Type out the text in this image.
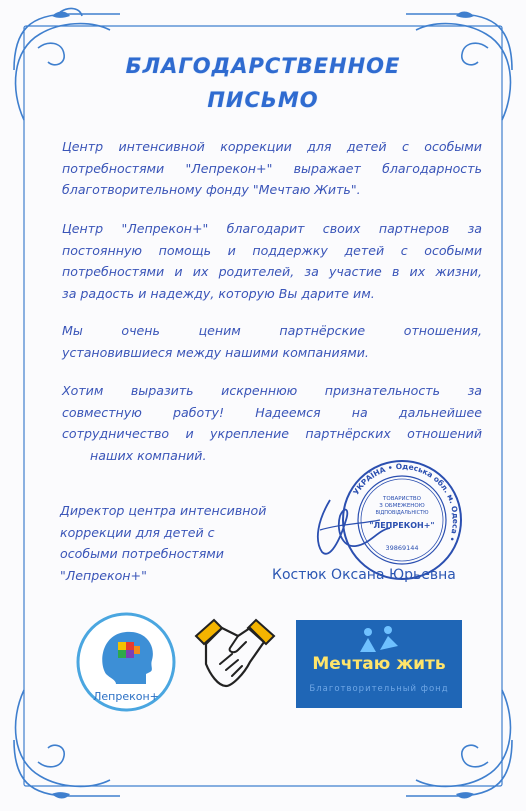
БЛАГОДАРСТВЕННОЕ
ПИСЬМО

Центр интенсивной коррекции для детей с особыми

потребностями "Лепрекон+" выражает благодарность

благотворительному фонду "Мечтаю Жить".

Центр "Лепрекон+" благодарит своих партнеров за

постоянную помощь и поддержку детей с особыми

потребностями и их родителей, за участие в их жизни,

за радость и надежду, которую Вы дарите им.

Мы очень ценим партнёрские отношения,

установившиеся между нашими компаниями.

Хотим выразить искреннюю признательность за

совместную работу! Надеемся на дальнейшее

сотрудничество и укрепление партнёрских отношений

наших компаний.

Директор центра интенсивной

коррекции для детей с

особыми потребностями

"Лепрекон+"

УКРАЇНА • Одеська обл. м. Одеса •
ТОВАРИСТВО
З ОБМЕЖЕНОЮ
ВІДПОВІДАЛЬНІСТЮ
"ЛЕПРЕКОН+"
39869144
Костюк Оксана Юрьевна
Лепрекон+
Мечтаю жить
Благотворительный фонд
